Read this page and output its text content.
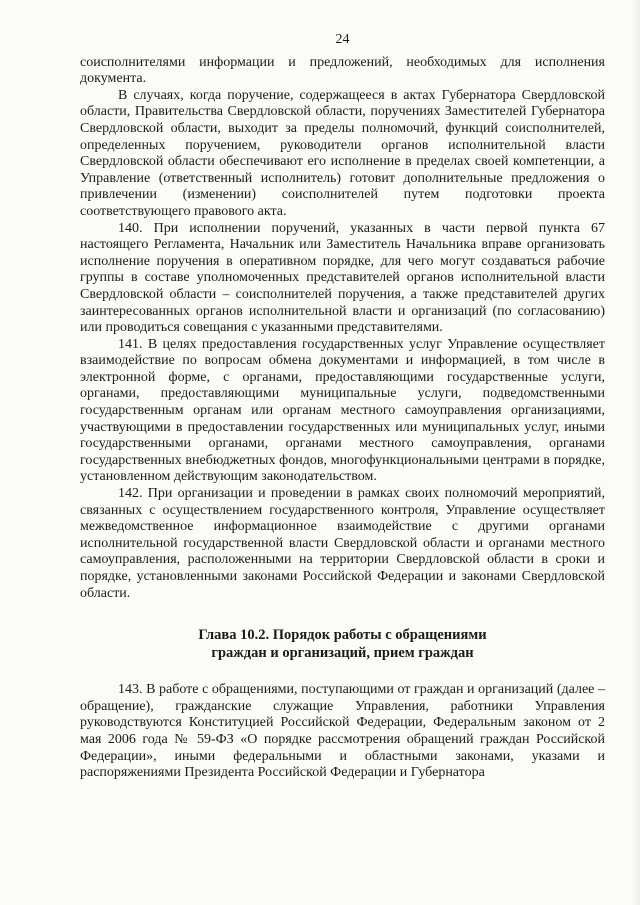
24

соисполнителями информации и предложений, необходимых для исполнения документа.

В случаях, когда поручение, содержащееся в актах Губернатора Свердловской области, Правительства Свердловской области, поручениях Заместителей Губернатора Свердловской области, выходит за пределы полномочий, функций соисполнителей, определенных поручением, руководители органов исполнительной власти Свердловской области обеспечивают его исполнение в пределах своей компетенции, а Управление (ответственный исполнитель) готовит дополнительные предложения о привлечении (изменении) соисполнителей путем подготовки проекта соответствующего правового акта.

140. При исполнении поручений, указанных в части первой пункта 67 настоящего Регламента, Начальник или Заместитель Начальника вправе организовать исполнение поручения в оперативном порядке, для чего могут создаваться рабочие группы в составе уполномоченных представителей органов исполнительной власти Свердловской области – соисполнителей поручения, а также представителей других заинтересованных органов исполнительной власти и организаций (по согласованию) или проводиться совещания с указанными представителями.

141. В целях предоставления государственных услуг Управление осуществляет взаимодействие по вопросам обмена документами и информацией, в том числе в электронной форме, с органами, предоставляющими государственные услуги, органами, предоставляющими муниципальные услуги, подведомственными государственным органам или органам местного самоуправления организациями, участвующими в предоставлении государственных или муниципальных услуг, иными государственными органами, органами местного самоуправления, органами государственных внебюджетных фондов, многофункциональными центрами в порядке, установленном действующим законодательством.

142. При организации и проведении в рамках своих полномочий мероприятий, связанных с осуществлением государственного контроля, Управление осуществляет межведомственное информационное взаимодействие с другими органами исполнительной государственной власти Свердловской области и органами местного самоуправления, расположенными на территории Свердловской области в сроки и порядке, установленными законами Российской Федерации и законами Свердловской области.

Глава 10.2. Порядок работы с обращениями
граждан и организаций, прием граждан

143. В работе с обращениями, поступающими от граждан и организаций (далее – обращение), гражданские служащие Управления, работники Управления руководствуются Конституцией Российской Федерации, Федеральным законом от 2 мая 2006 года № 59-ФЗ «О порядке рассмотрения обращений граждан Российской Федерации», иными федеральными и областными законами, указами и распоряжениями Президента Российской Федерации и Губернатора
